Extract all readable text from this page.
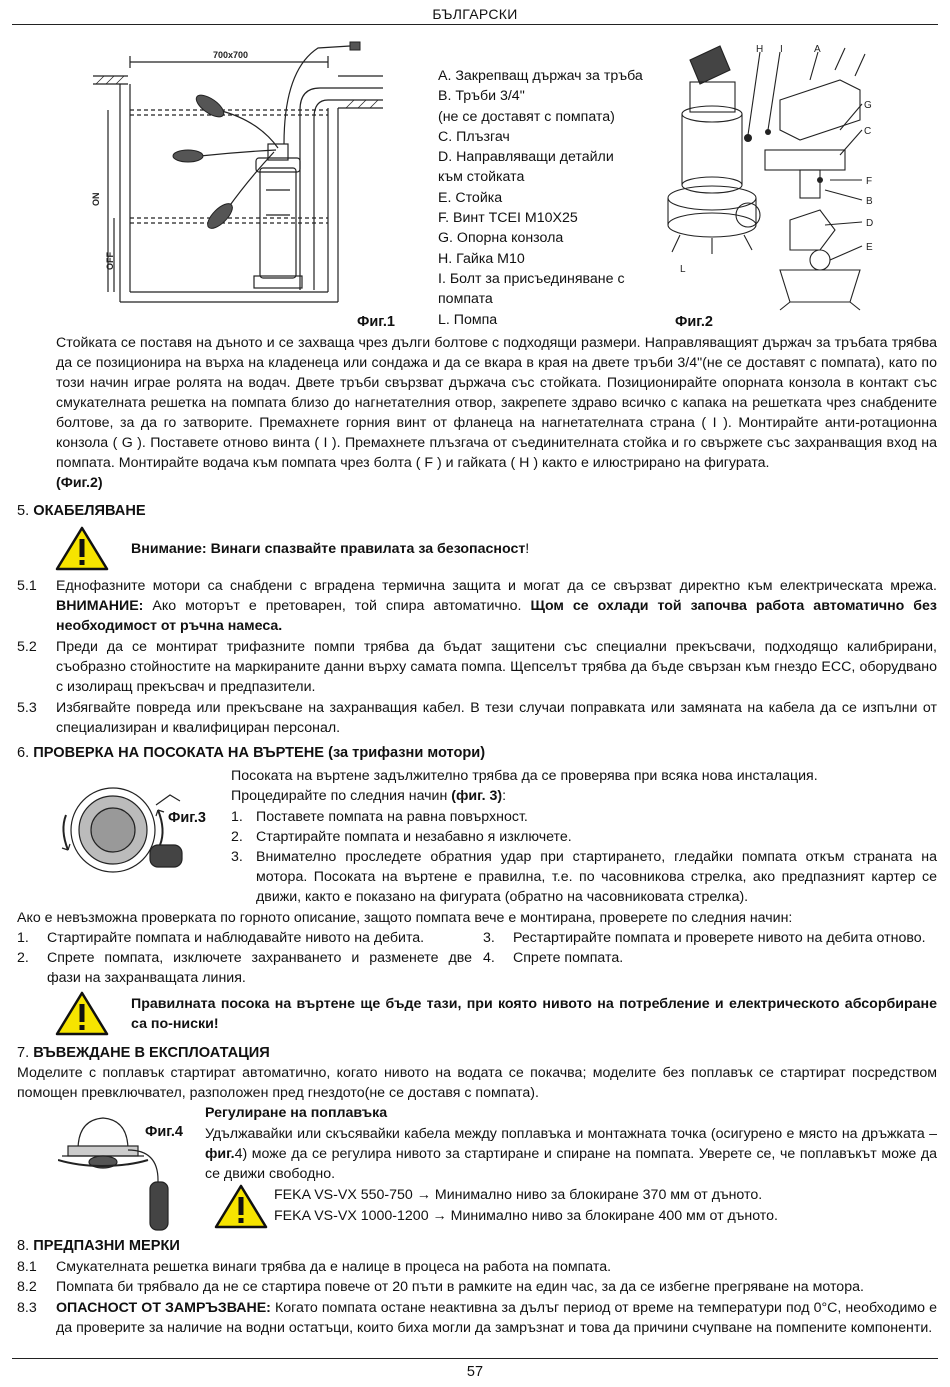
БЪЛГАРСКИ
700x700
ON
OFF
Фиг.1
A. Закрепващ държач за тръба
B. Тръби 3/4"
(не се доставят с помпата)
C. Плъзгач
D. Направляващи детайли
към стойката
E. Стойка
F. Винт TCEI M10X25
G. Опорна конзола
H. Гайка M10
I. Болт за присъединяване с
помпата
L. Помпа
H I	A
G
C
F
B
D
E
L
Фиг.2
Стойката се поставя на дъното и се захваща чрез дълги болтове с подходящи размери. Направляващият държач за тръбата трябва да се позиционира на върха на кладенеца или сондажа и да се вкара в края на двете тръби 3/4"(не се доставят с помпата), като по този начин играе ролята на водач. Двете тръби свързват държача със стойката. Позиционирайте опорната конзола в контакт със смукателната решетка на помпата близо до нагнетателния отвор, закрепете здраво всичко с капака на решетката чрез снабдените болтове, за да го затворите. Премахнете горния винт от фланеца на нагнетателната страна ( I ). Монтирайте анти-ротационна конзола ( G ). Поставете отново винта ( I ). Премахнете плъзгача от съединителната стойка и го свържете със захранващия вход на помпата. Монтирайте водача към помпата чрез болта ( F ) и гайката ( H ) както е илюстрирано на фигурата.
(Фиг.2)
5. ОКАБЕЛЯВАНЕ
Внимание: Винаги спазвайте правилата за безопасност!
5.1 Еднофазните мотори са снабдени с вградена термична защита и могат да се свързват директно към електрическата мрежа. ВНИМАНИЕ: Ако моторът е претоварен, той спира автоматично. Щом се охлади той започва работа автоматично без необходимост от ръчна намеса.
5.2 Преди да се монтират трифазните помпи трябва да бъдат защитени със специални прекъсвачи, подходящо калибрирани, съобразно стойностите на маркираните данни върху самата помпа. Щепселът трябва да бъде свързан към гнездо ECC, оборудвано с изолиращ прекъсвач и предпазители.
5.3 Избягвайте повреда или прекъсване на захранващия кабел. В тези случаи поправката или замяната на кабела да се изпълни от специализиран и квалифициран персонал.
6. ПРОВЕРКА НА ПОСОКАТА НА ВЪРТЕНЕ (за трифазни мотори)
Фиг.3
Посоката на въртене задължително трябва да се проверява при всяка нова инсталация.
Процедирайте по следния начин (фиг. 3):
1. Поставете помпата на равна повърхност.
2. Стартирайте помпата и незабавно я изключете.
3. Внимателно проследете обратния удар при стартирането, гледайки помпата откъм страната на мотора. Посоката на въртене е правилна, т.е. по часовникова стрелка, ако предпазният картер се движи, както е показано на фигурата (обратно на часовниковата стрелка).
Ако е невъзможна проверката по горното описание, защото помпата вече е монтирана, проверете по следния начин:
1. Стартирайте помпата и наблюдавайте нивото на дебита.
2. Спрете помпата, изключете захранването и разменете две фази на захранващата линия.
3. Рестартирайте помпата и проверете нивото на дебита отново.
4. Спрете помпата.
Правилната посока на въртене ще бъде тази, при която нивото на потребление и електрическото абсорбиране са по-ниски!
7. ВЪВЕЖДАНЕ В ЕКСПЛОАТАЦИЯ
Моделите с поплавък стартират автоматично, когато нивото на водата се покачва; моделите без поплавък се стартират посредством помощен превключвател, разположен пред гнездото(не се доставя с помпата).
Фиг.4
Регулиране на поплавъка
Удължавайки или скъсявайки кабела между поплавъка и монтажната точка (осигурено е място на дръжката – фиг.4) може да се регулира нивото за стартиране и спиране на помпата. Уверете се, че поплавъкът може да се движи свободно.
FEKA VS-VX 550-750 → Минимално ниво за блокиране 370 мм от дъното.
FEKA VS-VX 1000-1200 → Минимално ниво за блокиране 400 мм от дъното.
8. ПРЕДПАЗНИ МЕРКИ
8.1 Смукателната решетка винаги трябва да е налице в процеса на работа на помпата.
8.2 Помпата би трябвало да не се стартира повече от 20 пъти в рамките на един час, за да се избегне прегряване на мотора.
8.3 ОПАСНОСТ ОТ ЗАМРЪЗВАНЕ: Когато помпата остане неактивна за дълъг период от време на температури под 0°C, необходимо е да проверите за наличие на водни остатъци, които биха могли да замръзнат и това да причини счупване на помпените компоненти.
57
